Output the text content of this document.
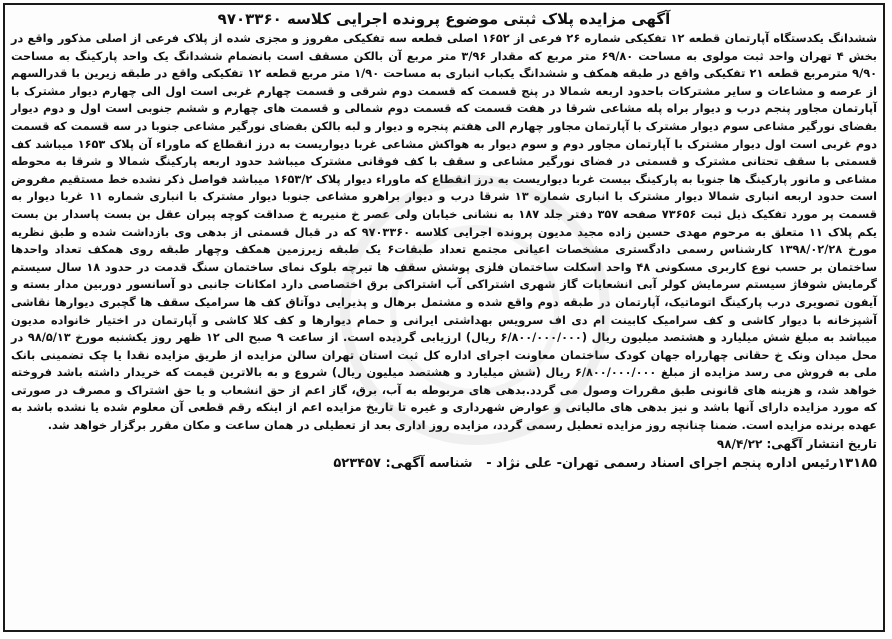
آگهی مزایده پلاک ثبتی موضوع پرونده اجرایی کلاسه ۹۷۰۳۳۶۰

ششدانگ یکدستگاه آپارتمان قطعه ۱۲ تفکیکی شماره ۲۶ فرعی از ۱۶۵۲ اصلی قطعه سه تفکیکی مفروز و مجزی شده از پلاک فرعی از اصلی مذکور واقع در بخش ۴ تهران واحد ثبت مولوی به مساحت ۶۹/۸۰ متر مربع که مقدار ۳/۹۶ متر مربع آن بالکن مسقف است بانضمام ششدانگ یک واحد پارکینگ به مساحت ۹/۹۰ مترمربع قطعه ۲۱ تفکیکی واقع در طبقه همکف و ششدانگ یکباب انباری به مساحت ۱/۹۰ متر مربع قطعه ۱۲ تفکیکی واقع در طبقه زیرین با قدرالسهم از عرصه و مشاعات و سایر مشترکات باحدود اربعه شمالا در پنج قسمت که قسمت دوم شرقی و قسمت چهارم غربی است اول الی چهارم دیوار مشترک با آپارتمان مجاور پنجم درب و دیوار براه پله مشاعی شرقا در هفت قسمت که قسمت دوم شمالی و قسمت های چهارم و ششم جنوبی است اول و دوم دیوار بفضای نورگیر مشاعی سوم دیوار مشترک با آپارتمان مجاور چهارم الی هفتم پنجره و دیوار و لبه بالکن بفضای نورگیر مشاعی جنوبا در سه قسمت که قسمت دوم غربی است اول دیوار مشترک با آپارتمان مجاور دوم و سوم دیوار به هواکش مشاعی غربا دیواریست به درز انقطاع که ماوراء آن پلاک ۱۶۵۳ میباشد کف قسمتی با سقف تحتانی مشترک و قسمتی در فضای نورگیر مشاعی و سقف با کف فوقانی مشترک میباشد حدود اربعه پارکینگ شمالا و شرقا به محوطه مشاعی و مانور پارکینگ ها جنوبا به پارکینگ بیست غربا دیواریست به درز انقطاع که ماوراء دیوار پلاک ۱۶۵۳/۲ میباشد فواصل ذکر نشده خط مستقیم مفروض است حدود اربعه انباری شمالا دیوار مشترک با انباری شماره ۱۳ شرقا درب و دیوار براهرو مشاعی جنوبا دیوار مشترک با انباری شماره ۱۱ غربا دیوار به قسمت پر مورد تفکیک ذیل ثبت ۷۳۶۵۶ صفحه ۳۵۷ دفتر جلد ۱۸۷ به نشانی خیابان ولی عصر خ منیریه خ صداقت کوچه پیران عقل بن بست پاسدار بن بست یکم پلاک ۱۱ متعلق به مرحوم مهدی حسین زاده مجید مدیون پرونده اجرایی کلاسه ۹۷۰۳۳۶۰ که در قبال قسمتی از بدهی وی بازداشت شده و طبق نظریه مورخ ۱۳۹۸/۰۲/۲۸ کارشناس رسمی دادگستری مشخصات اعیانی مجتمع تعداد طبقات۶ یک طبقه زیرزمین همکف وچهار طبقه روی همکف تعداد واحدها ساختمان بر حسب نوع کاربری مسکونی ۴۸ واحد اسکلت ساختمان فلزی پوشش سقف ها تیرچه بلوک نمای ساختمان سنگ قدمت در حدود ۱۸ سال سیستم گرمایش شوفاژ سیستم سرمایش کولر آبی انشعابات گاز شهری اشتراکی آب اشتراکی برق اختصاصی دارد امکانات جانبی دو آسانسور دوربین مدار بسته و آیفون تصویری درب پارکینگ اتوماتیک، آپارتمان در طبقه دوم واقع شده و مشتمل برهال و پذیرایی دوآتاق کف ها سرامیک سقف ها گچبری دیوارها نقاشی آشپزخانه با دیوار کاشی و کف سرامیک کابینت ام دی اف سرویس بهداشتی ایرانی و حمام دیوارها و کف کلا کاشی و آپارتمان در اختیار خانواده مدیون میباشد به مبلغ شش میلیارد و هشتصد میلیون ریال (۶/۸۰۰/۰۰۰/۰۰۰ ریال) ارزیابی گردیده است. از ساعت ۹ صبح الی ۱۲ ظهر روز یکشنبه مورخ ۹۸/۵/۱۳ در محل میدان ونک خ حقانی چهارراه جهان کودک ساختمان معاونت اجرای اداره کل ثبت استان تهران سالن مزایده از طریق مزایده نقدا یا چک تضمینی بانک ملی به فروش می رسد مزایده از مبلغ ۶/۸۰۰/۰۰۰/۰۰۰ ریال (شش میلیارد و هشتصد میلیون ریال) شروع و به بالاترین قیمت که خریدار داشته باشد فروخته خواهد شد، و هزینه های قانونی طبق مقررات وصول می گردد.بدهی های مربوطه به آب، برق، گاز اعم از حق انشعاب و یا حق اشتراک و مصرف در صورتی که مورد مزایده دارای آنها باشد و نیز بدهی های مالیاتی و عوارض شهرداری و غیره تا تاریخ مزایده اعم از اینکه رقم قطعی آن معلوم شده یا نشده باشد به عهده برنده مزایده است. ضمنا چنانچه روز مزایده تعطیل رسمی گردد، مزایده روز اداری بعد از تعطیلی در همان ساعت و مکان مقرر برگزار خواهد شد.

تاریخ انتشار آگهی: ۹۸/۴/۲۲

۱۳۱۸۵رئیس اداره پنجم اجرای اسناد رسمی تهران- علی نژاد -   شناسه آگهی: ۵۲۳۴۵۷
